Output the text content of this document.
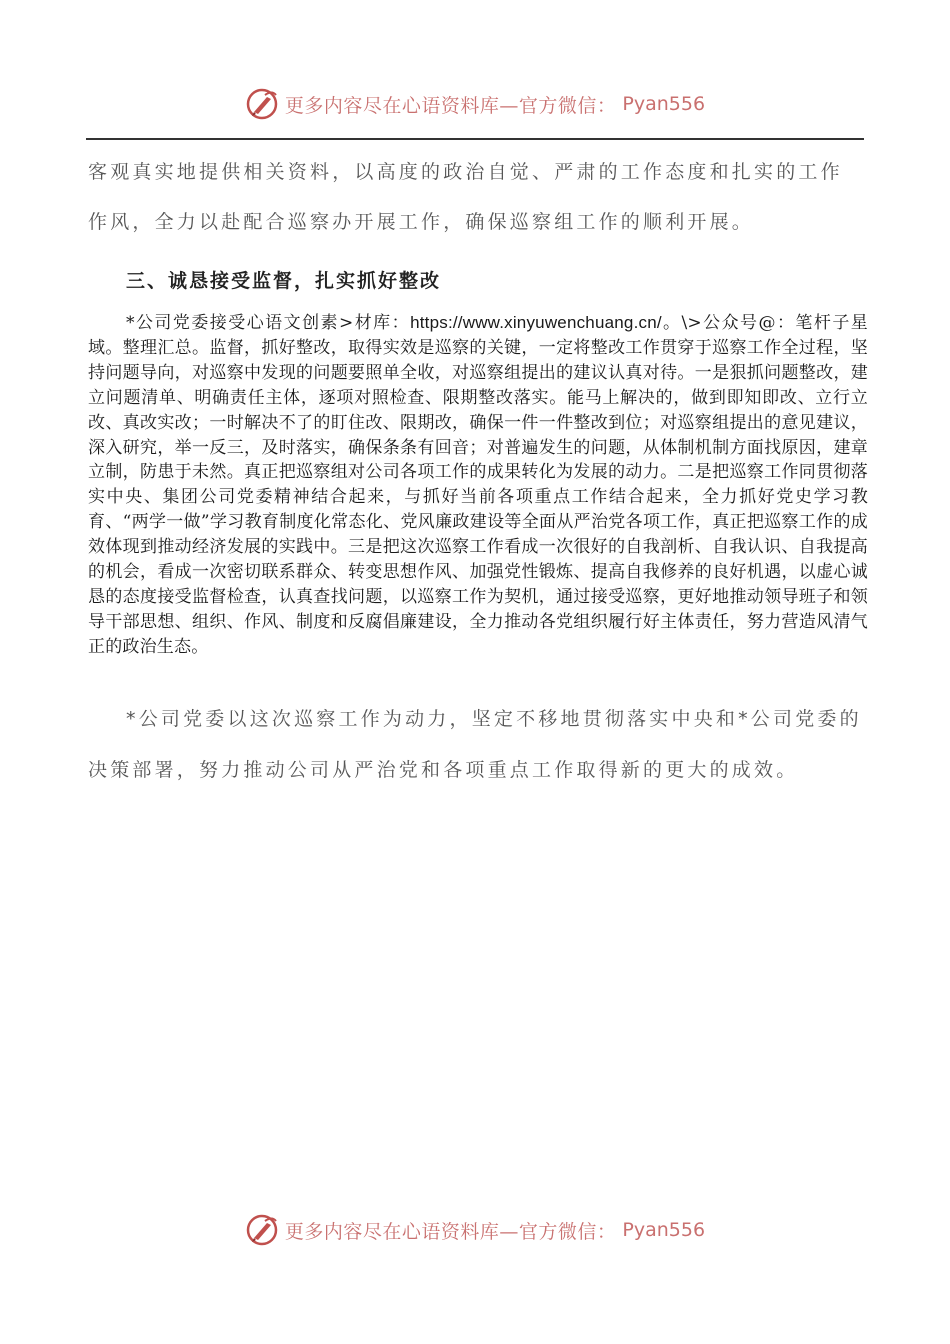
更多内容尽在心语资料库—官方微信： Pyan556
客观真实地提供相关资料，以高度的政治自觉、严肃的工作态度和扎实的工作
作风，全力以赴配合巡察办开展工作，确保巡察组工作的顺利开展。
三、诚恳接受监督，扎实抓好整改
*公司党委接受心语文创素>材库：https://www.xinyuwenchuang.cn/。\>公众号@：笔杆子星域。整理汇总。监督，抓好整改，取得实效是巡察的关键，一定将整改工作贯穿于巡察工作全过程，坚持问题导向，对巡察中发现的问题要照单全收，对巡察组提出的建议认真对待。一是狠抓问题整改，建立问题清单、明确责任主体，逐项对照检查、限期整改落实。能马上解决的，做到即知即改、立行立改、真改实改；一时解决不了的盯住改、限期改，确保一件一件整改到位；对巡察组提出的意见建议，深入研究，举一反三，及时落实，确保条条有回音；对普遍发生的问题，从体制机制方面找原因，建章立制，防患于未然。真正把巡察组对公司各项工作的成果转化为发展的动力。二是把巡察工作同贯彻落实中央、集团公司党委精神结合起来，与抓好当前各项重点工作结合起来，全力抓好党史学习教育、“两学一做”学习教育制度化常态化、党风廉政建设等全面从严治党各项工作，真正把巡察工作的成效体现到推动经济发展的实践中。三是把这次巡察工作看成一次很好的自我剖析、自我认识、自我提高的机会，看成一次密切联系群众、转变思想作风、加强党性锻炼、提高自我修养的良好机遇，以虚心诚恳的态度接受监督检查，认真查找问题，以巡察工作为契机，通过接受巡察，更好地推动领导班子和领导干部思想、组织、作风、制度和反腐倡廉建设，全力推动各党组织履行好主体责任，努力营造风清气正的政治生态。
*公司党委以这次巡察工作为动力，坚定不移地贯彻落实中央和*公司党委的
决策部署，努力推动公司从严治党和各项重点工作取得新的更大的成效。
更多内容尽在心语资料库—官方微信： Pyan556
